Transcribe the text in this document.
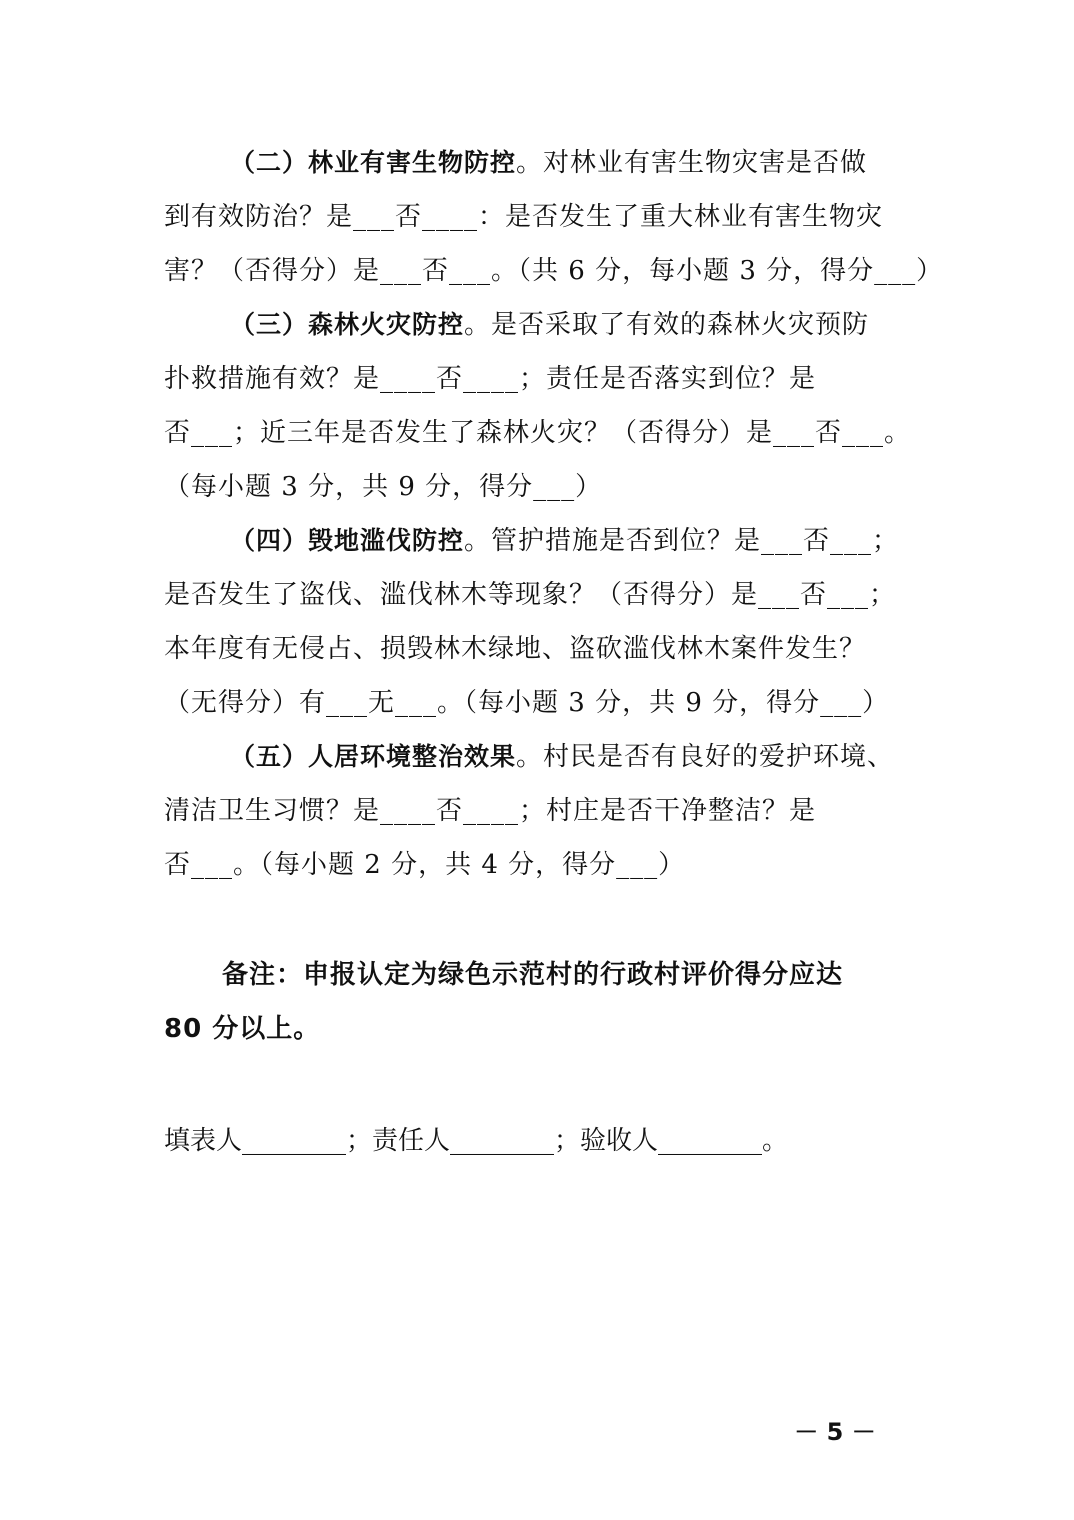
（二）林业有害生物防控。对林业有害生物灾害是否做
到有效防治？是___否____：是否发生了重大林业有害生物灾
害？（否得分）是___否___。（共 6 分，每小题 3 分，得分___）
（三）森林火灾防控。是否采取了有效的森林火灾预防
扑救措施有效？是____否____；责任是否落实到位？是
否___；近三年是否发生了森林火灾？（否得分）是___否___。
（每小题 3 分，共 9 分，得分___）
（四）毁地滥伐防控。管护措施是否到位？是___否___；
是否发生了盗伐、滥伐林木等现象？（否得分）是___否___；
本年度有无侵占、损毁林木绿地、盗砍滥伐林木案件发生？
（无得分）有___无___。（每小题 3 分，共 9 分，得分___）
（五）人居环境整治效果。村民是否有良好的爱护环境、
清洁卫生习惯？是____否____；村庄是否干净整洁？是
否___。（每小题 2 分，共 4 分，得分___）
备注：申报认定为绿色示范村的行政村评价得分应达
80 分以上。
填表人________；责任人________；验收人________。
－ 5 －
